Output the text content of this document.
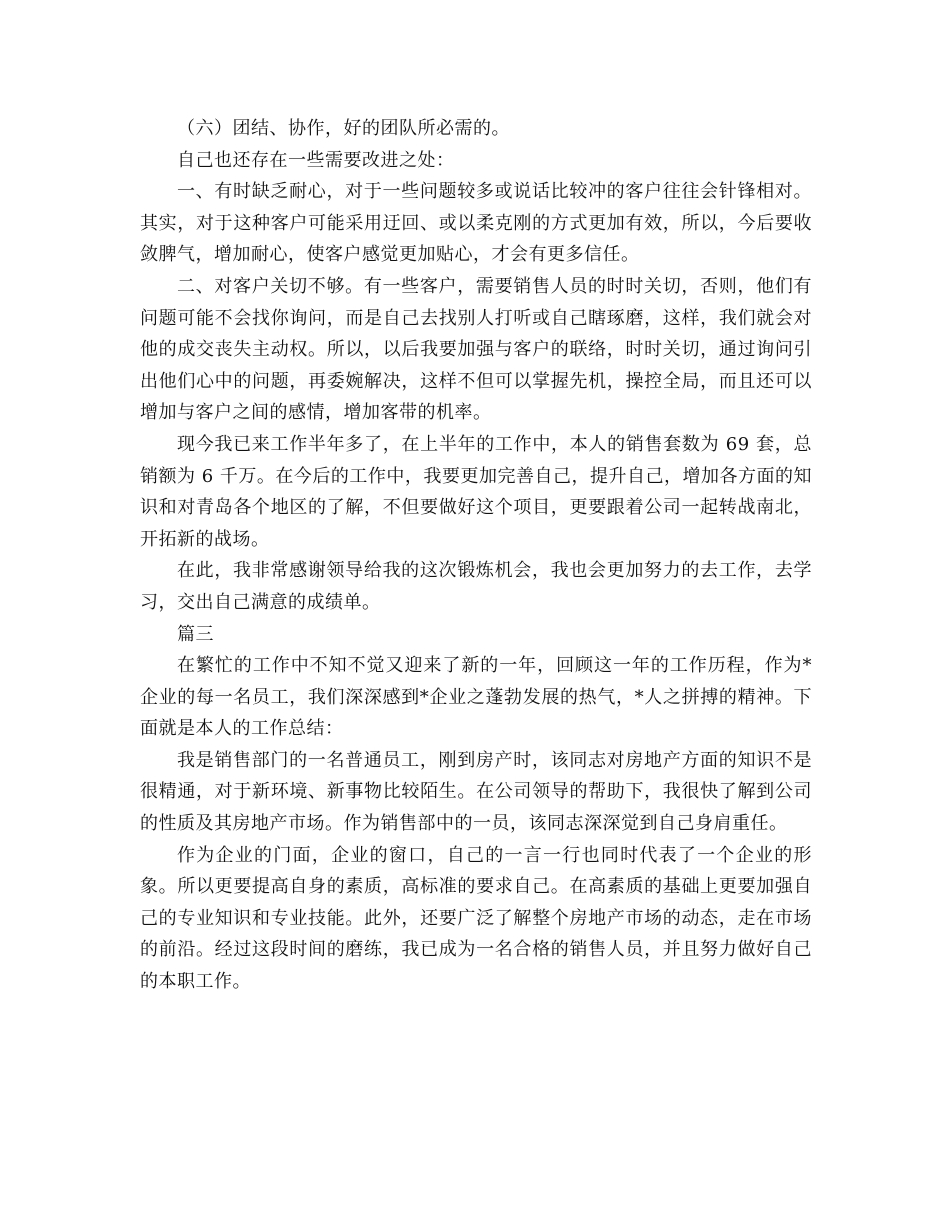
（六）团结、协作，好的团队所必需的。

自己也还存在一些需要改进之处：

一、有时缺乏耐心，对于一些问题较多或说话比较冲的客户往往会针锋相对。其实，对于这种客户可能采用迂回、或以柔克刚的方式更加有效，所以，今后要收敛脾气，增加耐心，使客户感觉更加贴心，才会有更多信任。

二、对客户关切不够。有一些客户，需要销售人员的时时关切，否则，他们有问题可能不会找你询问，而是自己去找别人打听或自己瞎琢磨，这样，我们就会对他的成交丧失主动权。所以，以后我要加强与客户的联络，时时关切，通过询问引出他们心中的问题，再委婉解决，这样不但可以掌握先机，操控全局，而且还可以增加与客户之间的感情，增加客带的机率。

现今我已来工作半年多了，在上半年的工作中，本人的销售套数为 69 套，总销额为 6 千万。在今后的工作中，我要更加完善自己，提升自己，增加各方面的知识和对青岛各个地区的了解，不但要做好这个项目，更要跟着公司一起转战南北，开拓新的战场。

在此，我非常感谢领导给我的这次锻炼机会，我也会更加努力的去工作，去学习，交出自己满意的成绩单。

篇三

在繁忙的工作中不知不觉又迎来了新的一年，回顾这一年的工作历程，作为*企业的每一名员工，我们深深感到*企业之蓬勃发展的热气，*人之拼搏的精神。下面就是本人的工作总结：

我是销售部门的一名普通员工，刚到房产时，该同志对房地产方面的知识不是很精通，对于新环境、新事物比较陌生。在公司领导的帮助下，我很快了解到公司的性质及其房地产市场。作为销售部中的一员，该同志深深觉到自己身肩重任。

作为企业的门面，企业的窗口，自己的一言一行也同时代表了一个企业的形象。所以更要提高自身的素质，高标准的要求自己。在高素质的基础上更要加强自己的专业知识和专业技能。此外，还要广泛了解整个房地产市场的动态，走在市场的前沿。经过这段时间的磨练，我已成为一名合格的销售人员，并且努力做好自己的本职工作。
